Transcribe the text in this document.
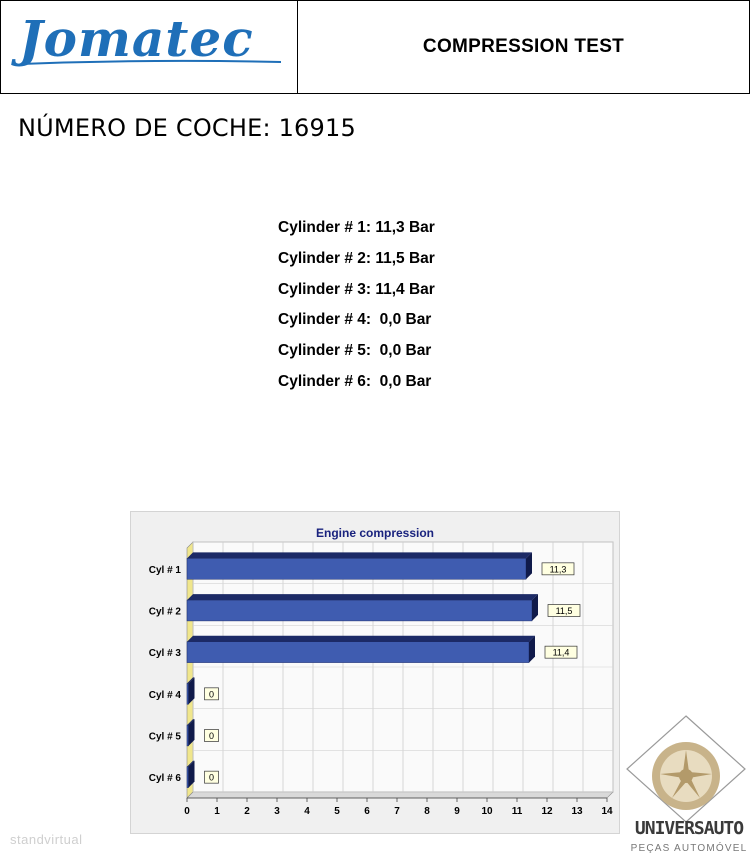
Jomatec	COMPRESSION TEST
NÚMERO DE COCHE: 16915
Cylinder # 1: 11,3 Bar
Cylinder # 2: 11,5 Bar
Cylinder # 3: 11,4 Bar
Cylinder # 4:  0,0 Bar
Cylinder # 5:  0,0 Bar
Cylinder # 6:  0,0 Bar
Engine compression
0 1 2 3 4 5 6 7 8 9 10 11 12 13 14
Cyl # 1	11,3
Cyl # 2	11,5
Cyl # 3	11,4
Cyl # 4	0
Cyl # 5	0
Cyl # 6	0
standvirtual
UNIVERSAUTO
PEÇAS AUTOMÓVEL
